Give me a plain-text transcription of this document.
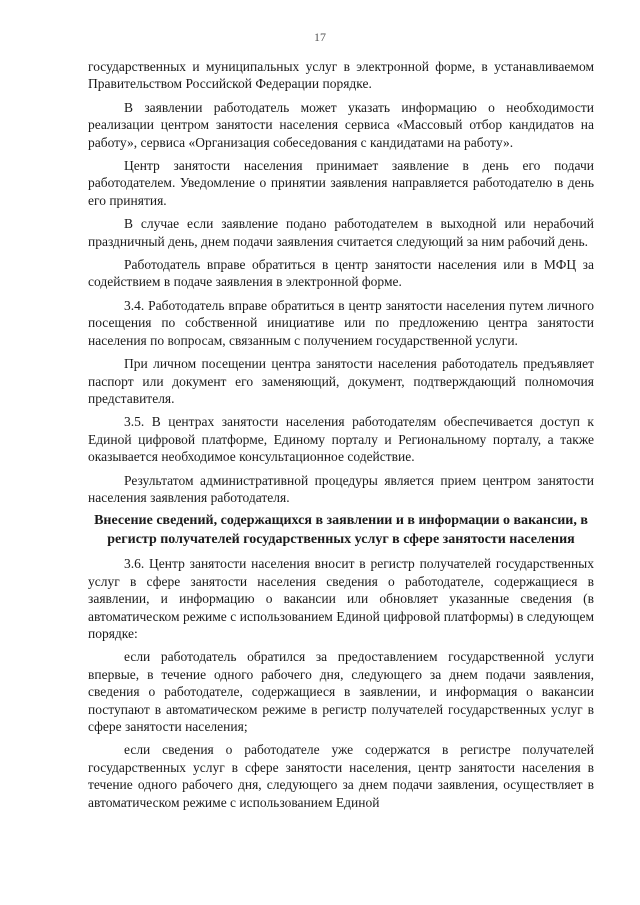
17

государственных и муниципальных услуг в электронной форме, в устанавливаемом Правительством Российской Федерации порядке.

В заявлении работодатель может указать информацию о необходимости реализации центром занятости населения сервиса «Массовый отбор кандидатов на работу», сервиса «Организация собеседования с кандидатами на работу».

Центр занятости населения принимает заявление в день его подачи работодателем. Уведомление о принятии заявления направляется работодателю в день его принятия.

В случае если заявление подано работодателем в выходной или нерабочий праздничный день, днем подачи заявления считается следующий за ним рабочий день.

Работодатель вправе обратиться в центр занятости населения или в МФЦ за содействием в подаче заявления в электронной форме.

3.4. Работодатель вправе обратиться в центр занятости населения путем личного посещения по собственной инициативе или по предложению центра занятости населения по вопросам, связанным с получением государственной услуги.

При личном посещении центра занятости населения работодатель предъявляет паспорт или документ его заменяющий, документ, подтверждающий полномочия представителя.

3.5. В центрах занятости населения работодателям обеспечивается доступ к Единой цифровой платформе, Единому порталу и Региональному порталу, а также оказывается необходимое консультационное содействие.

Результатом административной процедуры является прием центром занятости населения заявления работодателя.

Внесение сведений, содержащихся в заявлении и в информации о вакансии, в регистр получателей государственных услуг в сфере занятости населения

3.6. Центр занятости населения вносит в регистр получателей государственных услуг в сфере занятости населения сведения о работодателе, содержащиеся в заявлении, и информацию о вакансии или обновляет указанные сведения (в автоматическом режиме с использованием Единой цифровой платформы) в следующем порядке:

если работодатель обратился за предоставлением государственной услуги впервые, в течение одного рабочего дня, следующего за днем подачи заявления, сведения о работодателе, содержащиеся в заявлении, и информация о вакансии поступают в автоматическом режиме в регистр получателей государственных услуг в сфере занятости населения;

если сведения о работодателе уже содержатся в регистре получателей государственных услуг в сфере занятости населения, центр занятости населения в течение одного рабочего дня, следующего за днем подачи заявления, осуществляет в автоматическом режиме с использованием Единой
